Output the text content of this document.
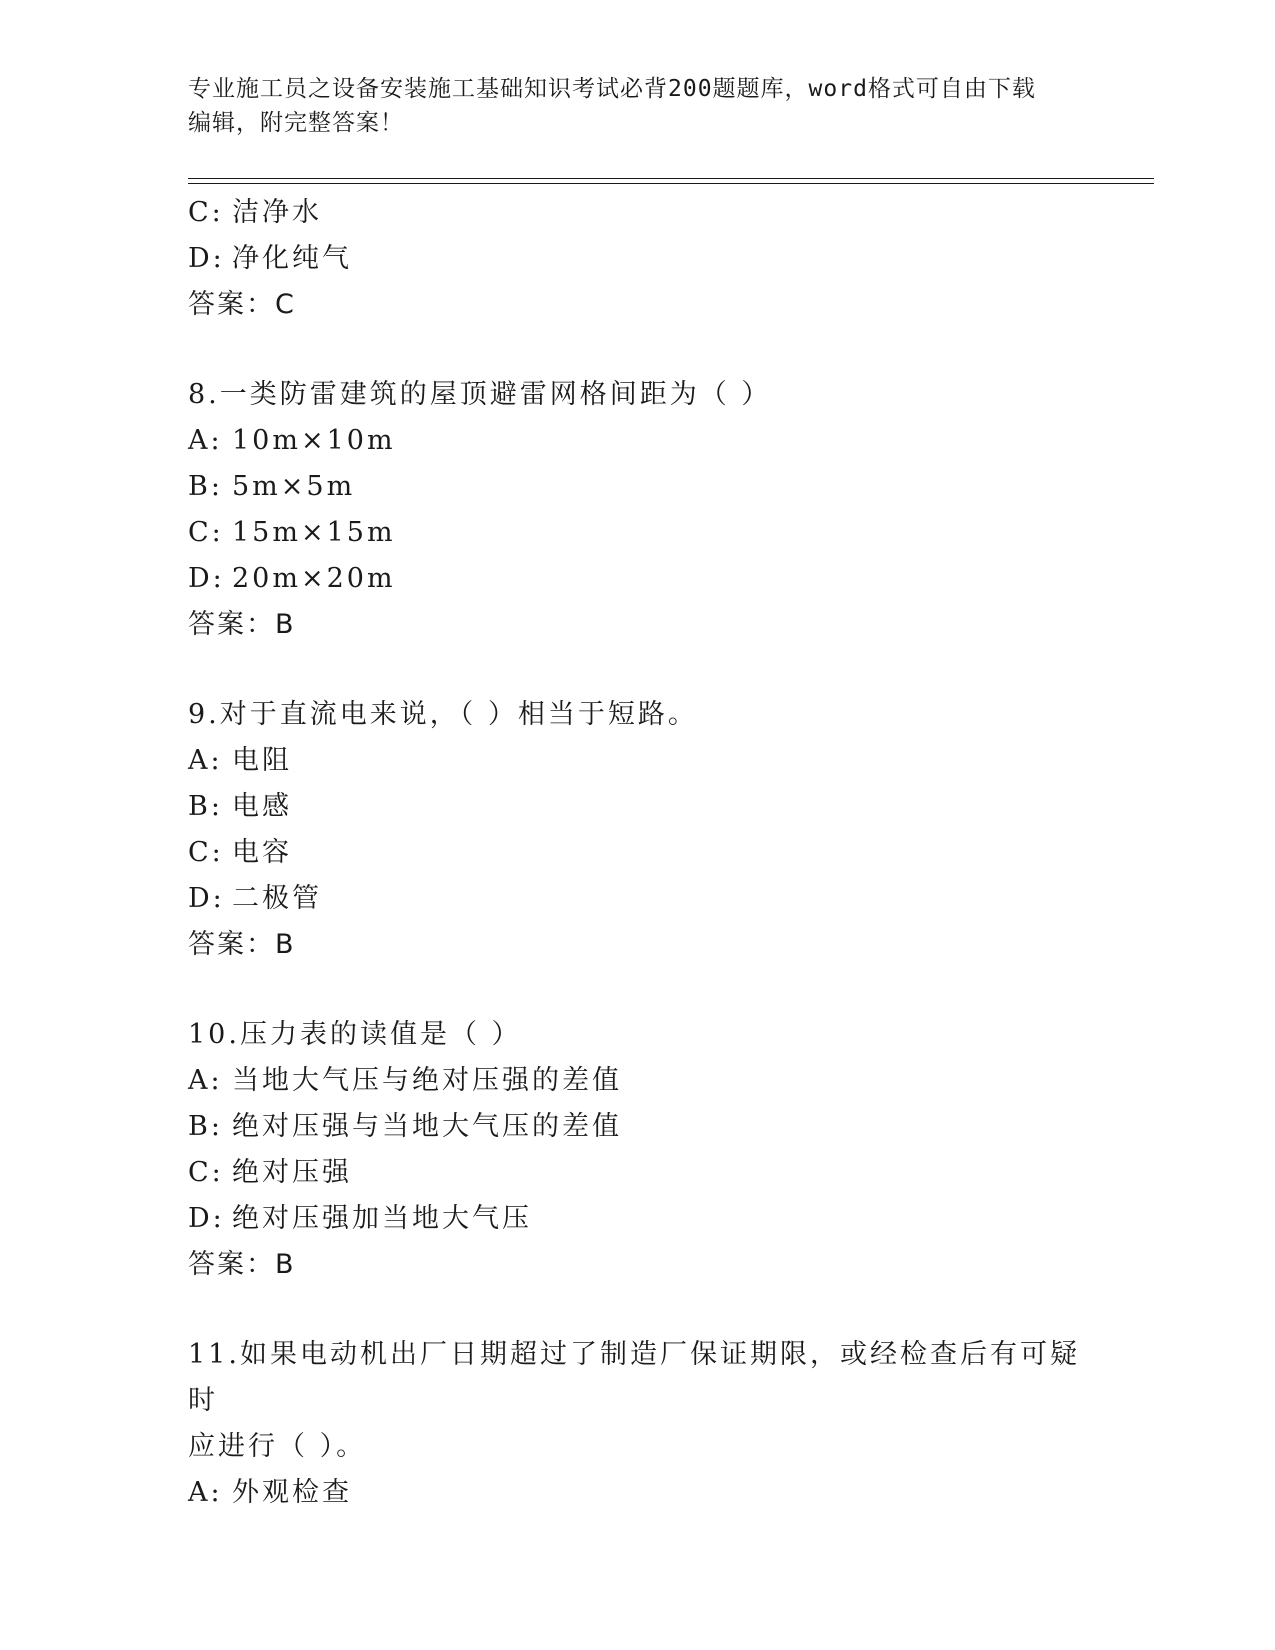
专业施工员之设备安装施工基础知识考试必背200题题库，word格式可自由下载
编辑，附完整答案！
C: 洁净水
D: 净化纯气
答案：C
8.一类防雷建筑的屋顶避雷网格间距为（ ）
A: 10m×10m
B: 5m×5m
C: 15m×15m
D: 20m×20m
答案：B
9.对于直流电来说，（ ）相当于短路。
A: 电阻
B: 电感
C: 电容
D: 二极管
答案：B
10.压力表的读值是（ ）
A: 当地大气压与绝对压强的差值
B: 绝对压强与当地大气压的差值
C: 绝对压强
D: 绝对压强加当地大气压
答案：B
11.如果电动机出厂日期超过了制造厂保证期限，或经检查后有可疑时
应进行（ ）。
A: 外观检查
